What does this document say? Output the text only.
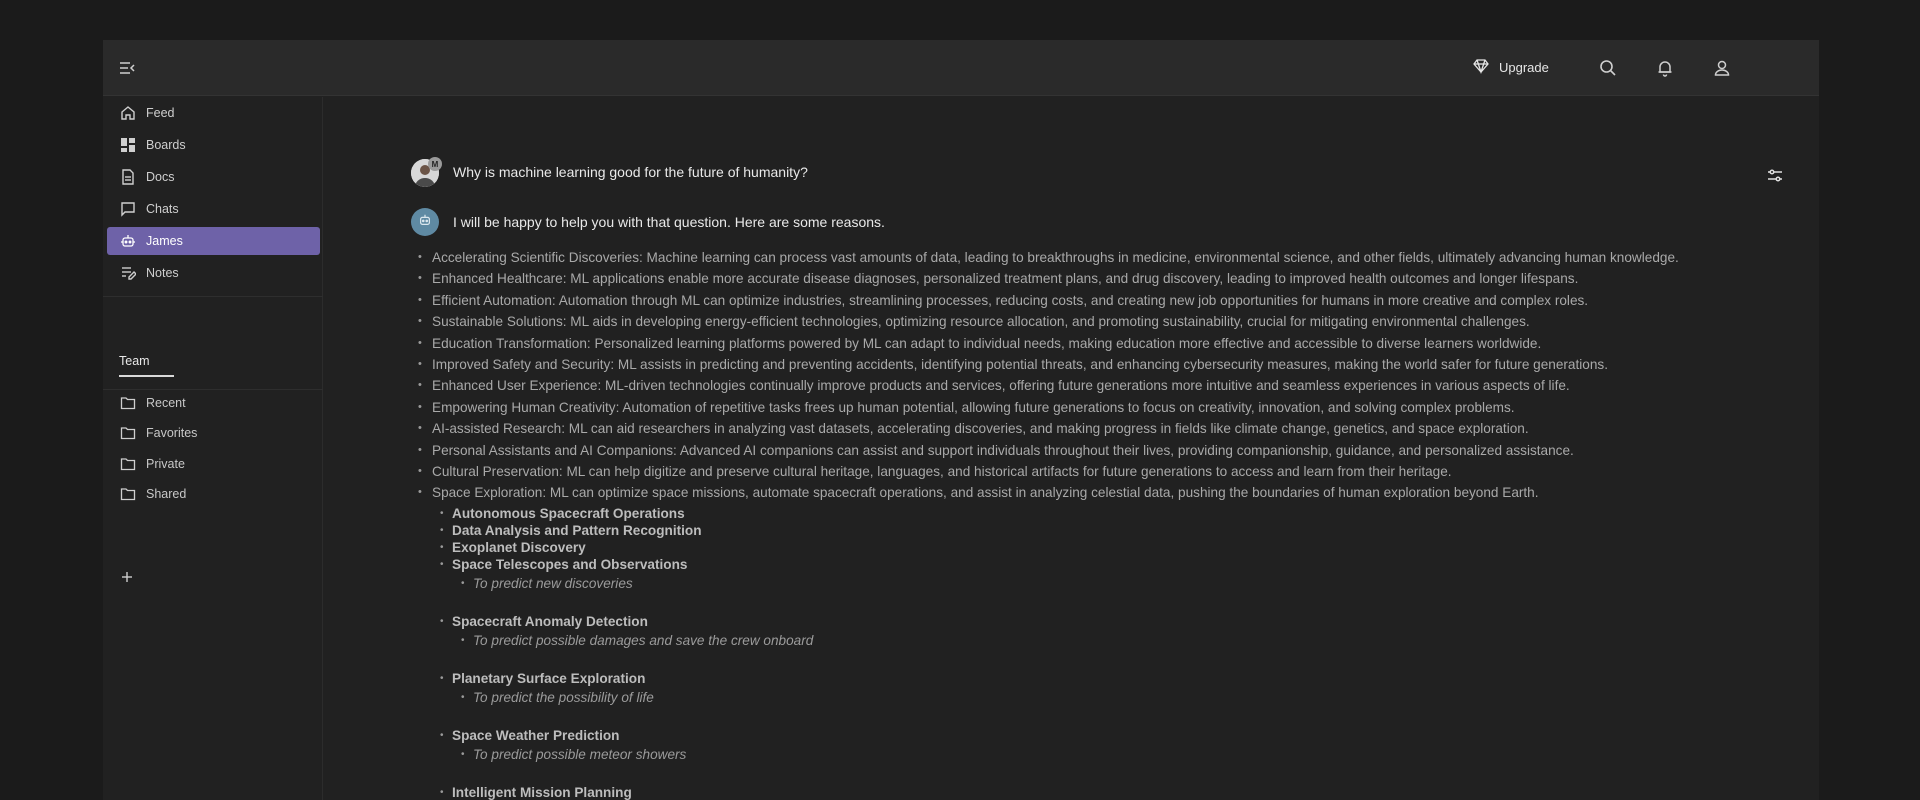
Upgrade
Feed
Boards
Docs
Chats
James
Notes
Team
Recent
Favorites
Private
Shared
M Why is machine learning good for the future of humanity?
I will be happy to help you with that question. Here are some reasons.
• Accelerating Scientific Discoveries: Machine learning can process vast amounts of data, leading to breakthroughs in medicine, environmental science, and other fields, ultimately advancing human knowledge.
• Enhanced Healthcare: ML applications enable more accurate disease diagnoses, personalized treatment plans, and drug discovery, leading to improved health outcomes and longer lifespans.
• Efficient Automation: Automation through ML can optimize industries, streamlining processes, reducing costs, and creating new job opportunities for humans in more creative and complex roles.
• Sustainable Solutions: ML aids in developing energy-efficient technologies, optimizing resource allocation, and promoting sustainability, crucial for mitigating environmental challenges.
• Education Transformation: Personalized learning platforms powered by ML can adapt to individual needs, making education more effective and accessible to diverse learners worldwide.
• Improved Safety and Security: ML assists in predicting and preventing accidents, identifying potential threats, and enhancing cybersecurity measures, making the world safer for future generations.
• Enhanced User Experience: ML-driven technologies continually improve products and services, offering future generations more intuitive and seamless experiences in various aspects of life.
• Empowering Human Creativity: Automation of repetitive tasks frees up human potential, allowing future generations to focus on creativity, innovation, and solving complex problems.
• AI-assisted Research: ML can aid researchers in analyzing vast datasets, accelerating discoveries, and making progress in fields like climate change, genetics, and space exploration.
• Personal Assistants and AI Companions: Advanced AI companions can assist and support individuals throughout their lives, providing companionship, guidance, and personalized assistance.
• Cultural Preservation: ML can help digitize and preserve cultural heritage, languages, and historical artifacts for future generations to access and learn from their heritage.
• Space Exploration: ML can optimize space missions, automate spacecraft operations, and assist in analyzing celestial data, pushing the boundaries of human exploration beyond Earth.
• Autonomous Spacecraft Operations
• Data Analysis and Pattern Recognition
• Exoplanet Discovery
• Space Telescopes and Observations
• To predict new discoveries
• Spacecraft Anomaly Detection
• To predict possible damages and save the crew onboard
• Planetary Surface Exploration
• To predict the possibility of life
• Space Weather Prediction
• To predict possible meteor showers
• Intelligent Mission Planning
